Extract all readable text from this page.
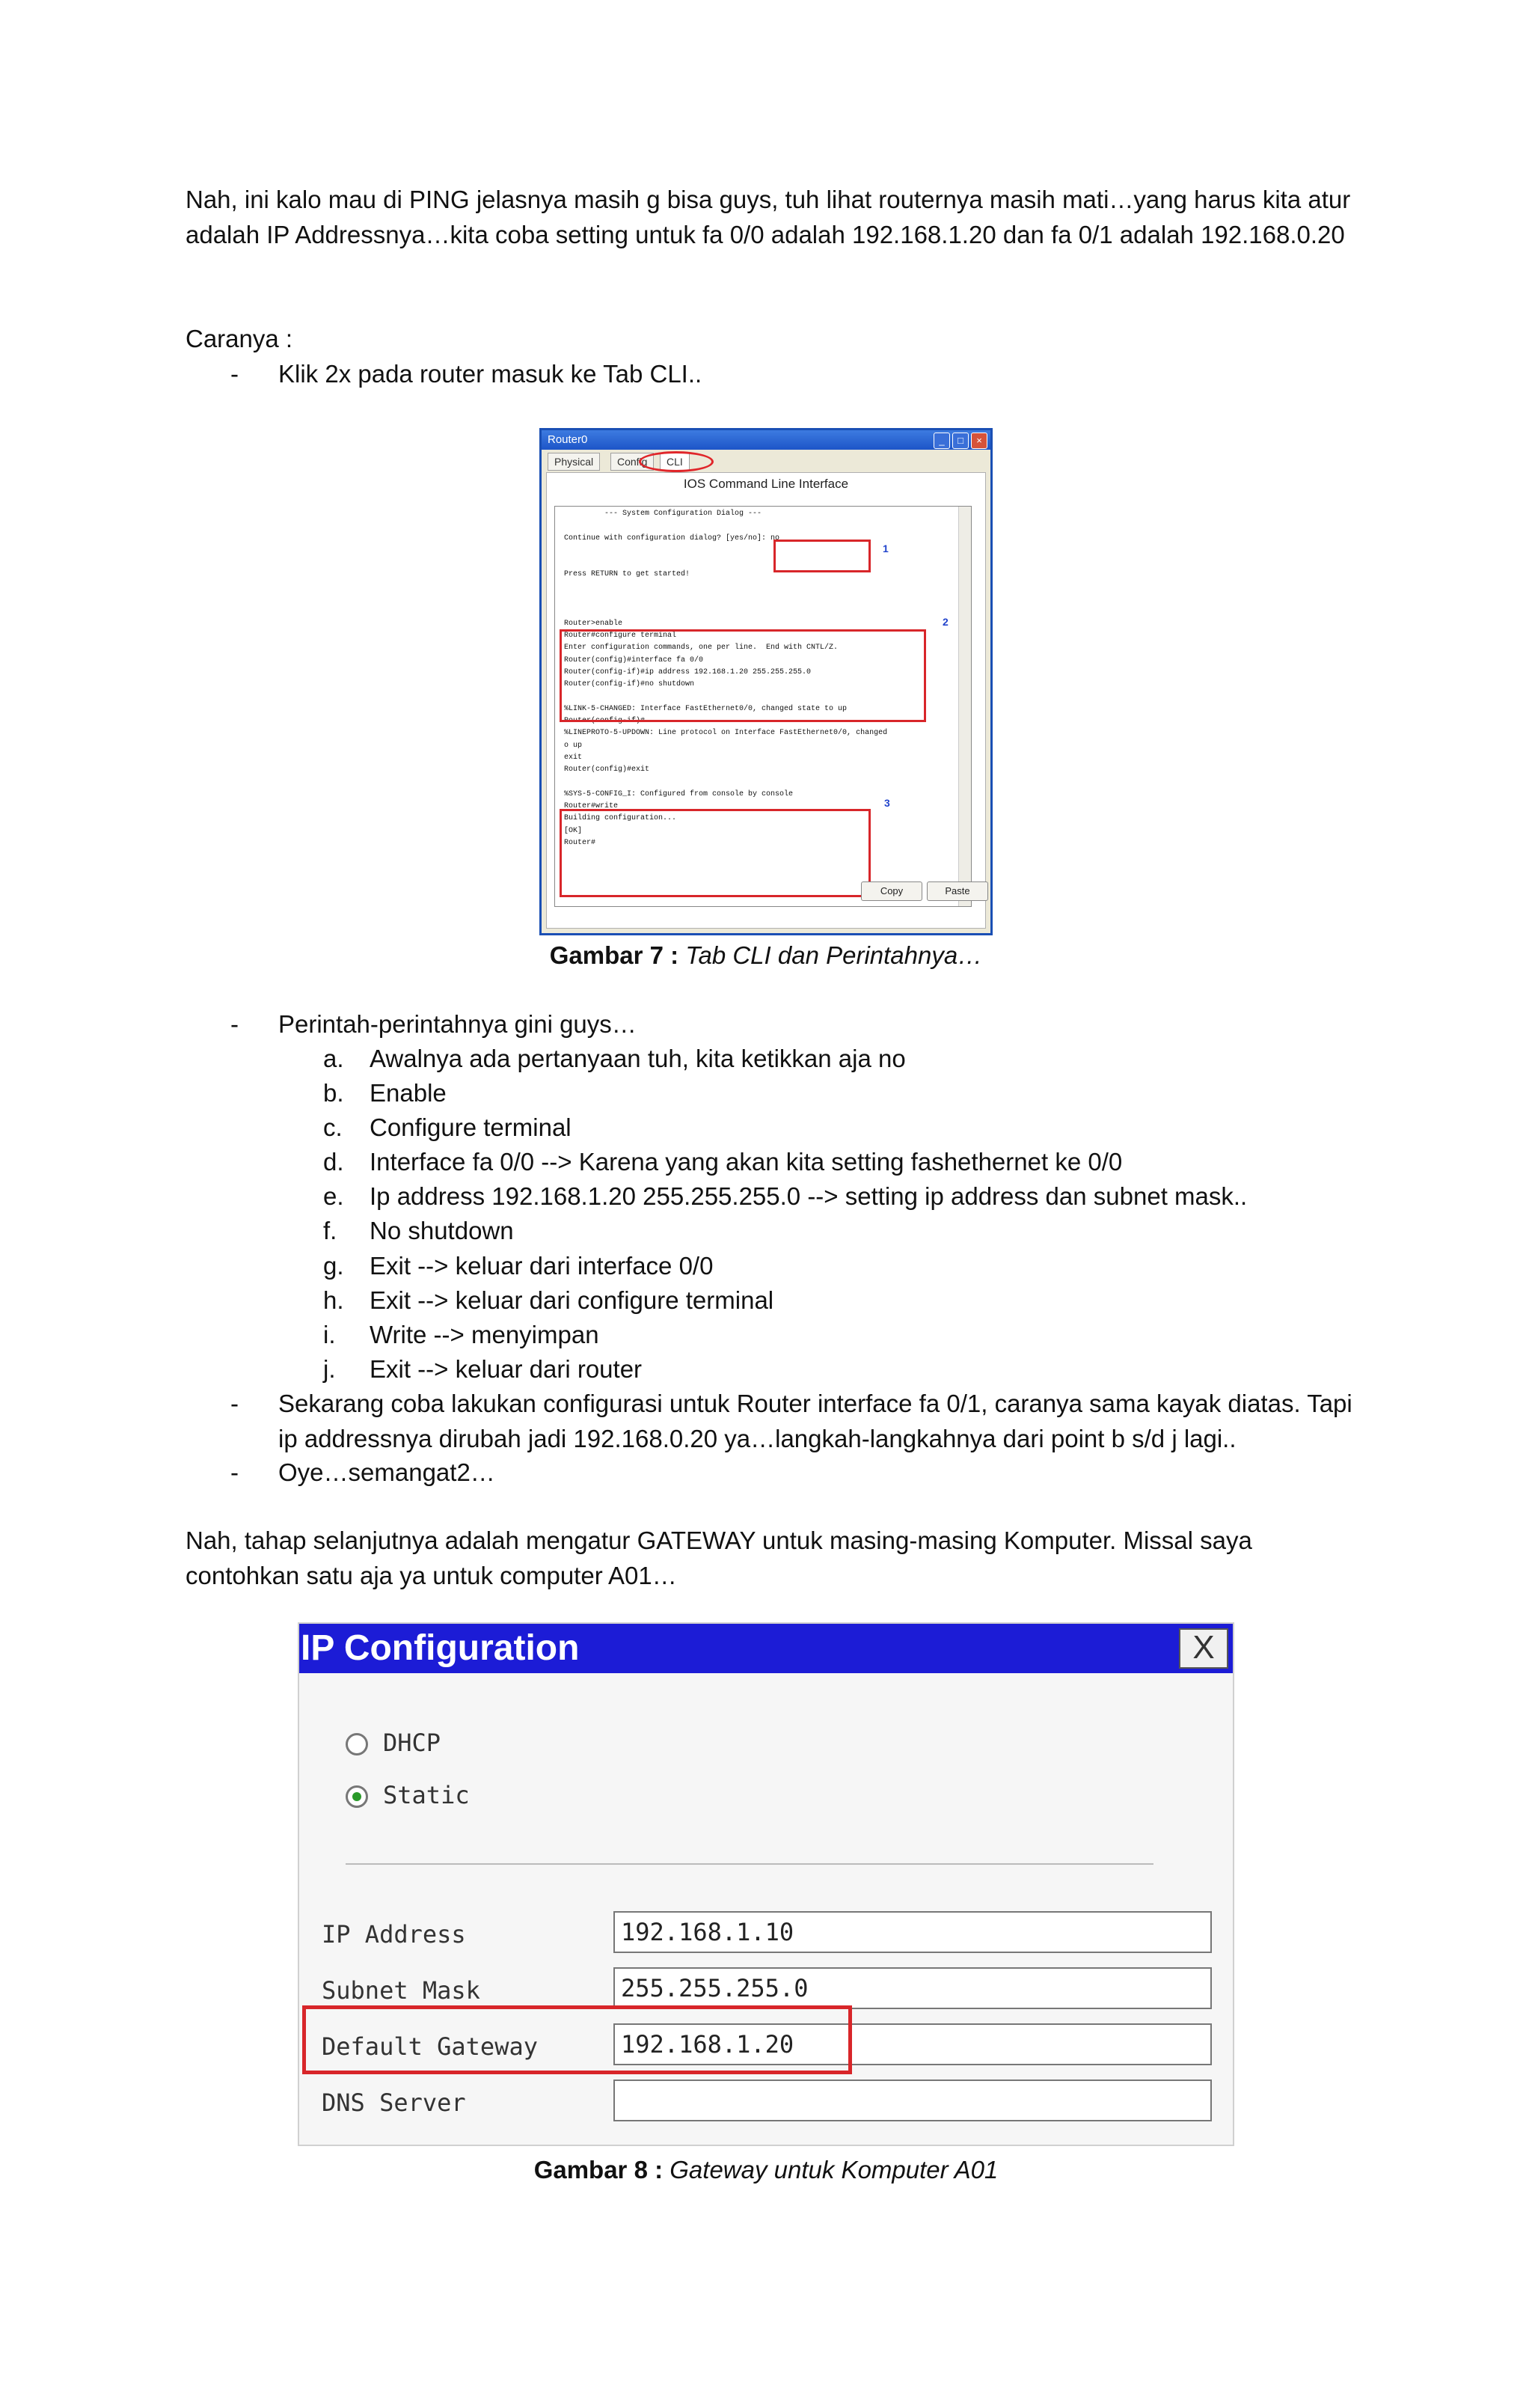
Nah, ini kalo mau di PING jelasnya masih g bisa guys, tuh lihat routernya masih mati…yang harus kita atur adalah IP Addressnya…kita coba setting untuk fa 0/0 adalah 192.168.1.20 dan fa 0/1 adalah 192.168.0.20

Caranya :

- Klik 2x pada router masuk ke Tab CLI..

Router0	_	□	×
Physical	Config	CLI
IOS Command Line Interface
--- System Configuration Dialog ---

Continue with configuration dialog? [yes/no]: no

Press RETURN to get started!

Router>enable
Router#configure terminal
Enter configuration commands, one per line.  End with CNTL/Z.
Router(config)#interface fa 0/0
Router(config-if)#ip address 192.168.1.20 255.255.255.0
Router(config-if)#no shutdown

%LINK-5-CHANGED: Interface FastEthernet0/0, changed state to up
Router(config-if)#
%LINEPROTO-5-UPDOWN: Line protocol on Interface FastEthernet0/0, changed
o up
exit
Router(config)#exit

%SYS-5-CONFIG_I: Configured from console by console
Router#write
Building configuration...
[OK]
Router#
1
2
3
Copy	Paste
Gambar 7 : Tab CLI dan Perintahnya…
- Perintah-perintahnya gini guys…

a. Awalnya ada pertanyaan tuh, kita ketikkan aja no
b. Enable
c. Configure terminal
d. Interface fa 0/0 --> Karena yang akan kita setting fashethernet ke 0/0
e. Ip address 192.168.1.20 255.255.255.0 --> setting ip address dan subnet mask..
f. No shutdown
g. Exit --> keluar dari interface 0/0
h. Exit --> keluar dari configure terminal
i. Write --> menyimpan
j. Exit --> keluar dari router
- Sekarang coba lakukan configurasi untuk Router interface fa 0/1, caranya sama kayak diatas. Tapi ip addressnya dirubah jadi 192.168.0.20 ya…langkah-langkahnya dari point b s/d j lagi..

- Oye…semangat2…

Nah, tahap selanjutnya adalah mengatur GATEWAY untuk masing-masing Komputer. Missal saya contohkan satu aja ya untuk computer A01…

IP Configuration	X
DHCP
Static
IP Address	192.168.1.10
Subnet Mask	255.255.255.0
Default Gateway	192.168.1.20
DNS Server
Gambar 8 : Gateway untuk Komputer A01
